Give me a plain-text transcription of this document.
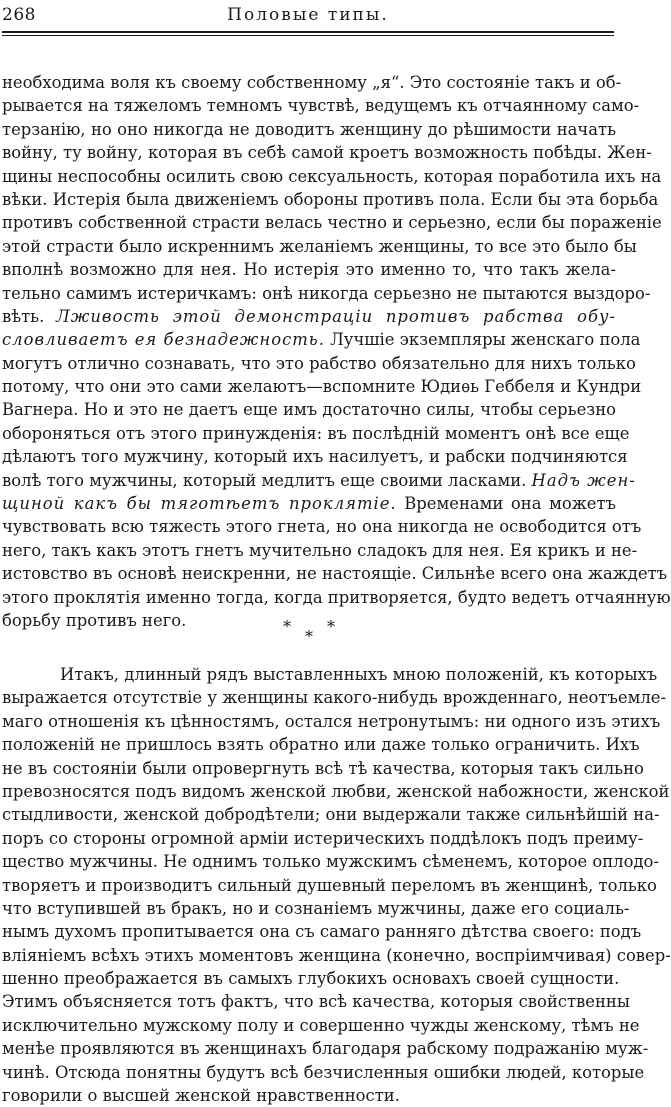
268	Половые типы.
необходима воля къ своему собственному „я“. Это состоянiе такъ и об-
рывается на тяжеломъ темномъ чувствѣ, ведущемъ къ отчаянному само-
терзанiю, но оно никогда не доводитъ женщину до рѣшимости начать
войну, ту войну, которая въ себѣ самой кроетъ возможность побѣды. Жен-
щины неспособны осилить свою сексуальность, которая поработила ихъ на
вѣки. Истерiя была движенiемъ обороны противъ пола. Если бы эта борьба
противъ собственной страсти велась честно и серьезно, если бы пораженiе
этой страсти было искреннимъ желанiемъ женщины, то все это было бы
вполнѣ возможно для нея. Но истерiя это именно то, что такъ желa-
тельно самимъ истеричкамъ: онѣ никогда серьезно не пытаются выздоро-
вѣть. Лживость этой демонстрацiи противъ рабства обу-
словливаетъ ея безнадежность. Лучшiе экземпляры женскаго пола
могутъ отлично сознавать, что это рабство обязательно для нихъ только
потому, что они это сами желаютъ—вспомните Юдиѳь Геббеля и Кундри
Вагнера. Но и это не даетъ еще имъ достаточно силы, чтобы серьезно
обороняться отъ этого принужденiя: въ послѣднiй моментъ онѣ все еще
дѣлаютъ того мужчину, который ихъ насилуетъ, и рабски подчиняются
волѣ того мужчины, который медлитъ еще своими ласками. Надъ жен-
щиной какъ бы тяготѣетъ проклятiе. Временами она можетъ
чувствовать всю тяжесть этого гнета, но она никогда не освободится отъ
него, такъ какъ этотъ гнетъ мучительно сладокъ для нея. Ея крикъ и не-
истовство въ основѣ неискренни, не настоящiе. Сильнѣе всего она жаждетъ
этого проклятiя именно тогда, когда притворяется, будто ведетъ отчаянную
борьбу противъ него.	*
*
*
Итакъ, длинный рядъ выставленныхъ мною положенiй, къ которыхъ
выражается отсутствiе у женщины какого-нибудь врожденнаго, неотъемле-
маго отношенiя къ цѣнностямъ, остался нетронутымъ: ни одного изъ этихъ
положенiй не пришлось взять обратно или даже только ограничить. Ихъ
не въ состоянiи были опровергнуть всѣ тѣ качества, которыя такъ сильно
превозносятся подъ видомъ женской любви, женской набожности, женской
стыдливости, женской добродѣтели; они выдержали также сильнѣйшiй на-
поръ со стороны огромной армiи истерическихъ поддѣлокъ подъ преиму-
щество мужчины. Не однимъ только мужскимъ сѣменемъ, которое оплодо-
творяетъ и производитъ сильный душевный переломъ въ женщинѣ, только
что вступившей въ бракъ, но и сознанiемъ мужчины, даже его социаль-
нымъ духомъ пропитывается она съ самаго ранняго дѣтства своего: подъ
влiянiемъ всѣхъ этихъ моментовъ женщина (конечно, воспрiимчивая) совер-
шенно преображается въ самыхъ глубокихъ основахъ своей сущности.
Этимъ объясняется тотъ фактъ, что всѣ качества, которыя свойственны
исключительно мужскому полу и совершенно чужды женскому, тѣмъ не
менѣе проявляются въ женщинахъ благодаря рабскому подражанiю муж-
чинѣ. Отсюда понятны будутъ всѣ безчисленныя ошибки людей, которые
говорили о высшей женской нравственности.
